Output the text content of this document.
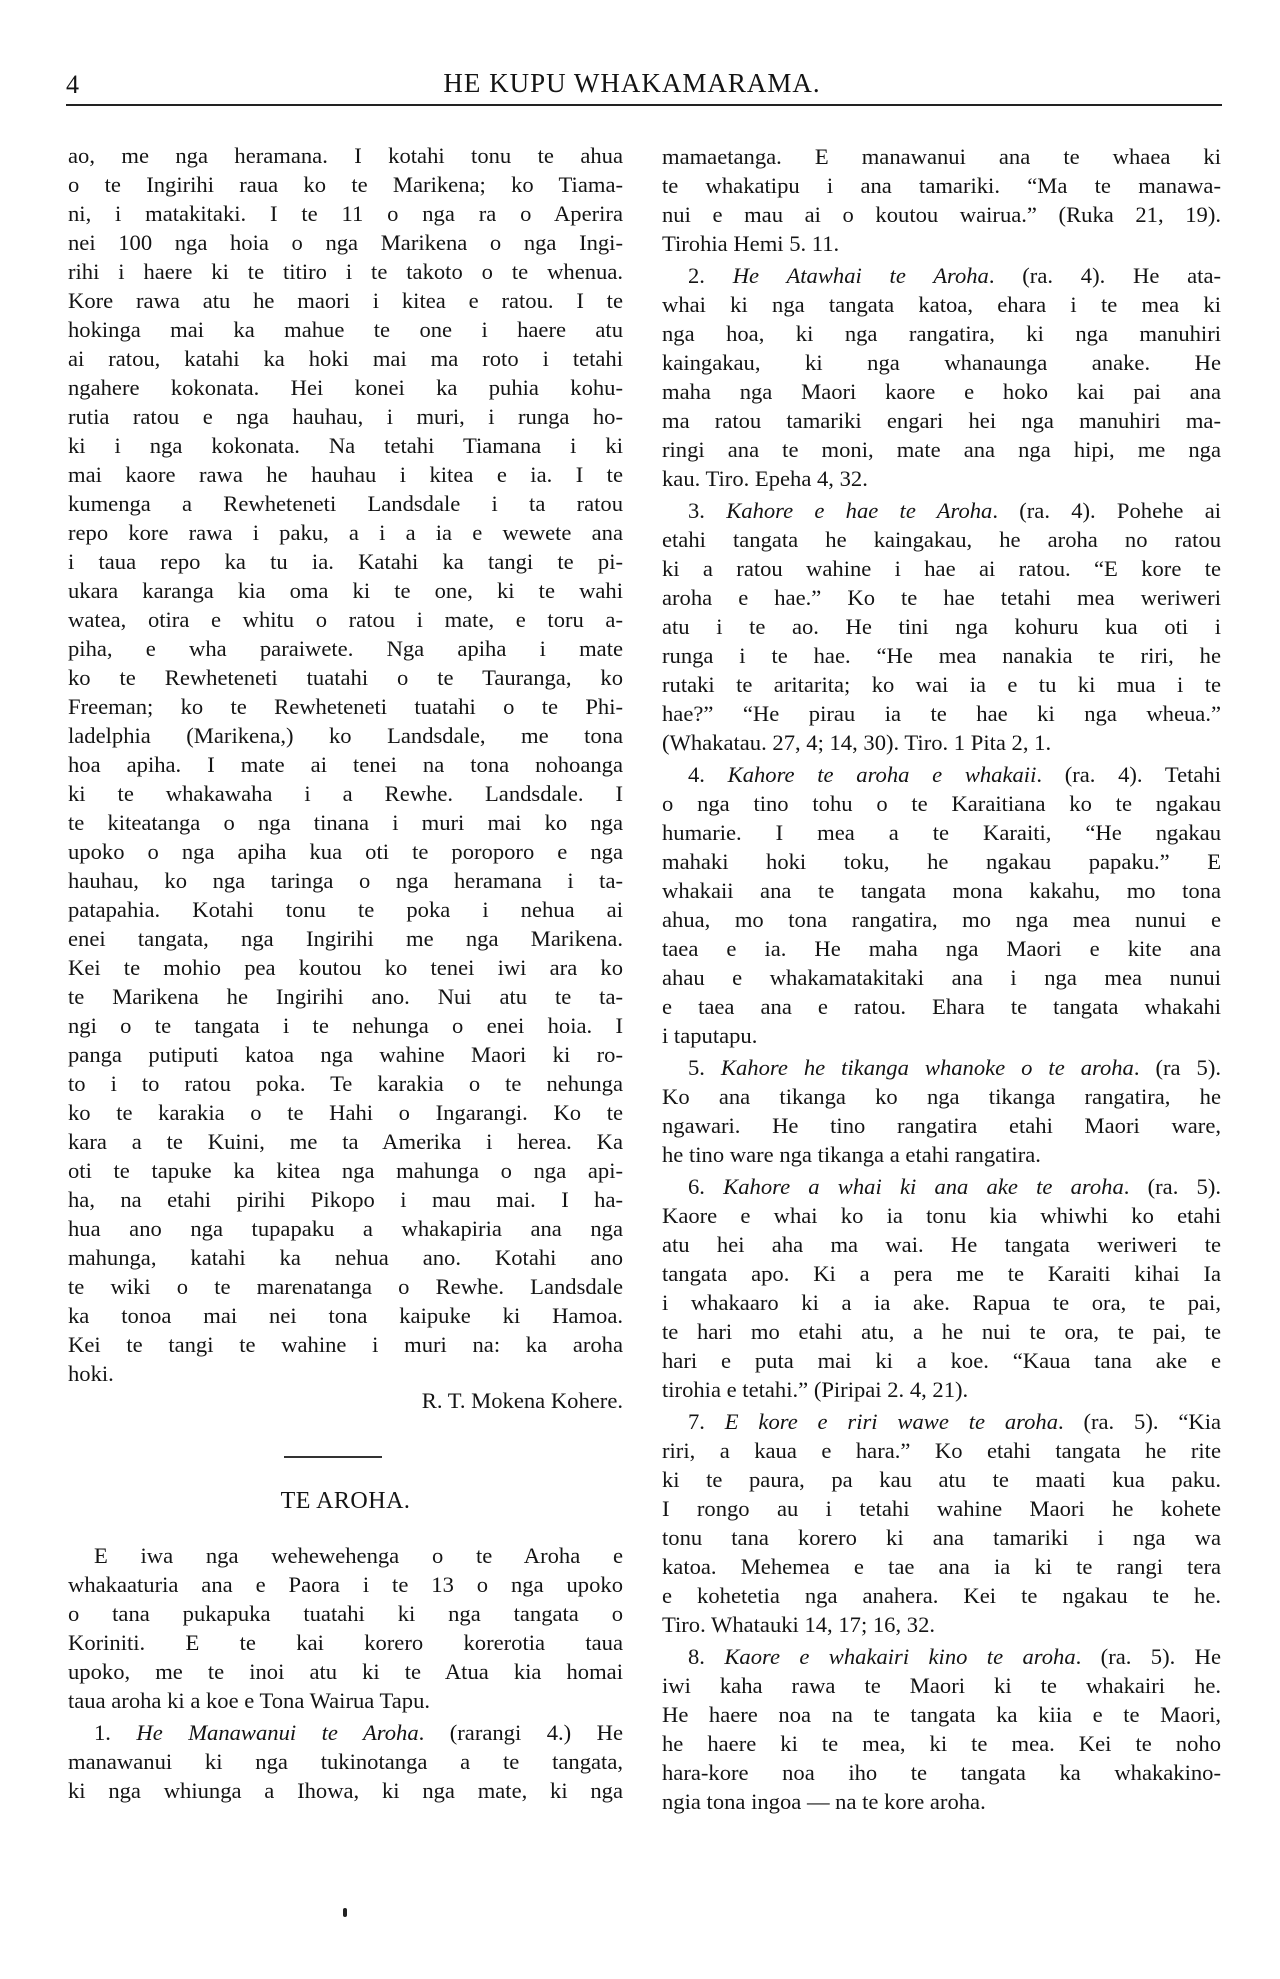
4	HE KUPU WHAKAMARAMA.
ao, me nga heramana. I kotahi tonu te ahua
o te Ingirihi raua ko te Marikena; ko Tiama-
ni, i matakitaki. I te 11 o nga ra o Aperira
nei 100 nga hoia o nga Marikena o nga Ingi-
rihi i haere ki te titiro i te takoto o te whenua.
Kore rawa atu he maori i kitea e ratou. I te
hokinga mai ka mahue te one i haere atu
ai ratou, katahi ka hoki mai ma roto i tetahi
ngahere kokonata. Hei konei ka puhia kohu-
rutia ratou e nga hauhau, i muri, i runga ho-
ki i nga kokonata. Na tetahi Tiamana i ki
mai kaore rawa he hauhau i kitea e ia. I te
kumenga a Rewheteneti Landsdale i ta ratou
repo kore rawa i paku, a i a ia e wewete ana
i taua repo ka tu ia. Katahi ka tangi te pi-
ukara karanga kia oma ki te one, ki te wahi
watea, otira e whitu o ratou i mate, e toru a-
piha, e wha paraiwete. Nga apiha i mate
ko te Rewheteneti tuatahi o te Tauranga, ko
Freeman; ko te Rewheteneti tuatahi o te Phi-
ladelphia (Marikena,) ko Landsdale, me tona
hoa apiha. I mate ai tenei na tona nohoanga
ki te whakawaha i a Rewhe. Landsdale. I
te kiteatanga o nga tinana i muri mai ko nga
upoko o nga apiha kua oti te poroporo e nga
hauhau, ko nga taringa o nga heramana i ta-
patapahia. Kotahi tonu te poka i nehua ai
enei tangata, nga Ingirihi me nga Marikena.
Kei te mohio pea koutou ko tenei iwi ara ko
te Marikena he Ingirihi ano. Nui atu te ta-
ngi o te tangata i te nehunga o enei hoia. I
panga putiputi katoa nga wahine Maori ki ro-
to i to ratou poka. Te karakia o te nehunga
ko te karakia o te Hahi o Ingarangi. Ko te
kara a te Kuini, me ta Amerika i herea. Ka
oti te tapuke ka kitea nga mahunga o nga api-
ha, na etahi pirihi Pikopo i mau mai. I ha-
hua ano nga tupapaku a whakapiria ana nga
mahunga, katahi ka nehua ano. Kotahi ano
te wiki o te marenatanga o Rewhe. Landsdale
ka tonoa mai nei tona kaipuke ki Hamoa.
Kei te tangi te wahine i muri na: ka aroha
hoki.
R. T. Mokena Kohere.
TE AROHA.
E iwa nga wehewehenga o te Aroha e
whakaaturia ana e Paora i te 13 o nga upoko
o tana pukapuka tuatahi ki nga tangata o
Koriniti. E te kai korero korerotia taua
upoko, me te inoi atu ki te Atua kia homai
taua aroha ki a koe e Tona Wairua Tapu.
1. He Manawanui te Aroha. (rarangi 4.) He
manawanui ki nga tukinotanga a te tangata,
ki nga whiunga a Ihowa, ki nga mate, ki nga
mamaetanga. E manawanui ana te whaea ki
te whakatipu i ana tamariki. “Ma te manawa-
nui e mau ai o koutou wairua.” (Ruka 21, 19).
Tirohia Hemi 5. 11.
2. He Atawhai te Aroha. (ra. 4). He ata-
whai ki nga tangata katoa, ehara i te mea ki
nga hoa, ki nga rangatira, ki nga manuhiri
kaingakau, ki nga whanaunga anake. He
maha nga Maori kaore e hoko kai pai ana
ma ratou tamariki engari hei nga manuhiri ma-
ringi ana te moni, mate ana nga hipi, me nga
kau. Tiro. Epeha 4, 32.
3. Kahore e hae te Aroha. (ra. 4). Pohehe ai
etahi tangata he kaingakau, he aroha no ratou
ki a ratou wahine i hae ai ratou. “E kore te
aroha e hae.” Ko te hae tetahi mea weriweri
atu i te ao. He tini nga kohuru kua oti i
runga i te hae. “He mea nanakia te riri, he
rutaki te aritarita; ko wai ia e tu ki mua i te
hae?” “He pirau ia te hae ki nga wheua.”
(Whakatau. 27, 4; 14, 30). Tiro. 1 Pita 2, 1.
4. Kahore te aroha e whakaii. (ra. 4). Tetahi
o nga tino tohu o te Karaitiana ko te ngakau
humarie. I mea a te Karaiti, “He ngakau
mahaki hoki toku, he ngakau papaku.” E
whakaii ana te tangata mona kakahu, mo tona
ahua, mo tona rangatira, mo nga mea nunui e
taea e ia. He maha nga Maori e kite ana
ahau e whakamatakitaki ana i nga mea nunui
e taea ana e ratou. Ehara te tangata whakahi
i taputapu.
5. Kahore he tikanga whanoke o te aroha. (ra 5).
Ko ana tikanga ko nga tikanga rangatira, he
ngawari. He tino rangatira etahi Maori ware,
he tino ware nga tikanga a etahi rangatira.
6. Kahore a whai ki ana ake te aroha. (ra. 5).
Kaore e whai ko ia tonu kia whiwhi ko etahi
atu hei aha ma wai. He tangata weriweri te
tangata apo. Ki a pera me te Karaiti kihai Ia
i whakaaro ki a ia ake. Rapua te ora, te pai,
te hari mo etahi atu, a he nui te ora, te pai, te
hari e puta mai ki a koe. “Kaua tana ake e
tirohia e tetahi.” (Piripai 2. 4, 21).
7. E kore e riri wawe te aroha. (ra. 5). “Kia
riri, a kaua e hara.” Ko etahi tangata he rite
ki te paura, pa kau atu te maati kua paku.
I rongo au i tetahi wahine Maori he kohete
tonu tana korero ki ana tamariki i nga wa
katoa. Mehemea e tae ana ia ki te rangi tera
e kohetetia nga anahera. Kei te ngakau te he.
Tiro. Whatauki 14, 17; 16, 32.
8. Kaore e whakairi kino te aroha. (ra. 5). He
iwi kaha rawa te Maori ki te whakairi he.
He haere noa na te tangata ka kiia e te Maori,
he haere ki te mea, ki te mea. Kei te noho
hara-kore noa iho te tangata ka whakakino-
ngia tona ingoa — na te kore aroha.
